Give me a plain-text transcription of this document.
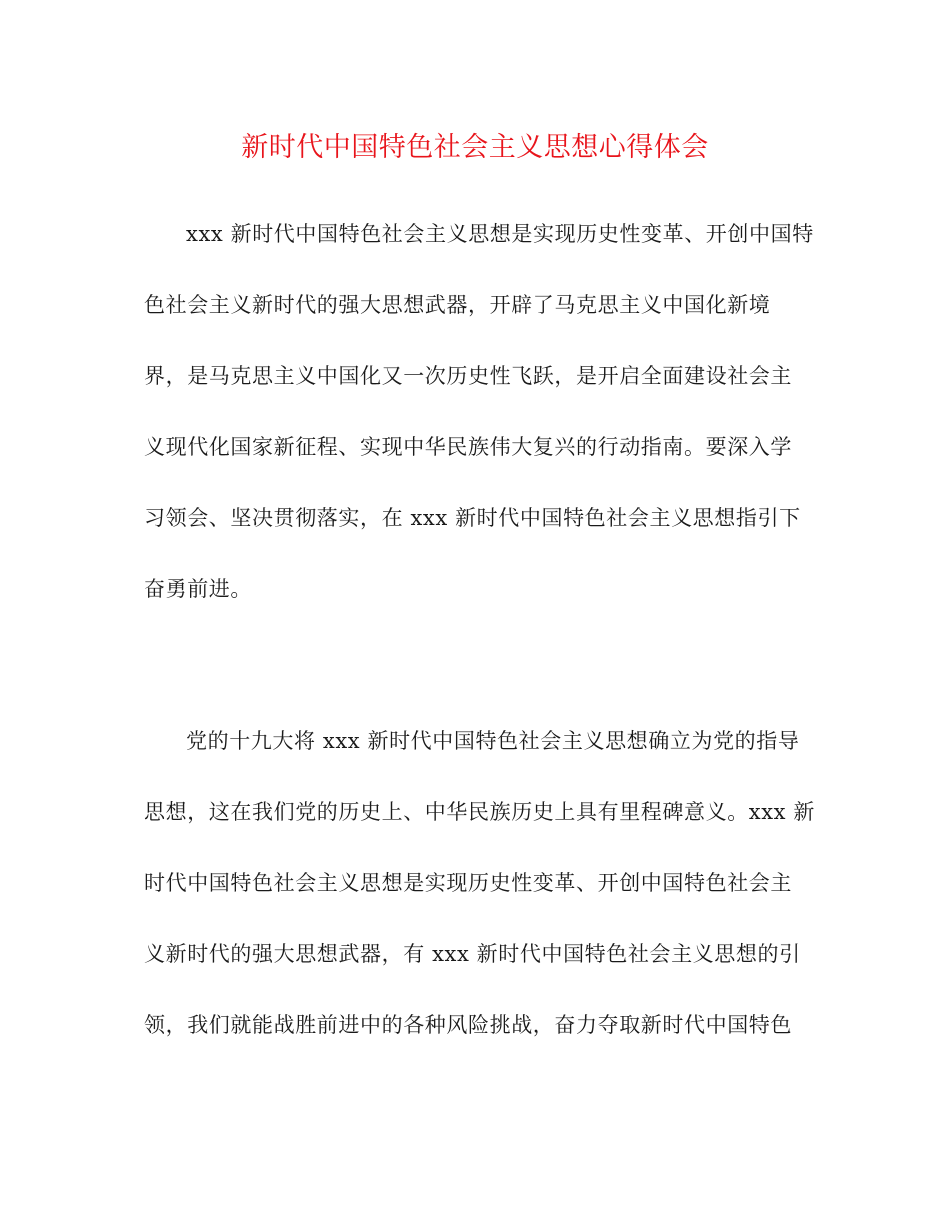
新时代中国特色社会主义思想心得体会
xxx 新时代中国特色社会主义思想是实现历史性变革、开创中国特
色社会主义新时代的强大思想武器，开辟了马克思主义中国化新境
界，是马克思主义中国化又一次历史性飞跃，是开启全面建设社会主
义现代化国家新征程、实现中华民族伟大复兴的行动指南。要深入学
习领会、坚决贯彻落实，在 xxx 新时代中国特色社会主义思想指引下
奋勇前进。
党的十九大将 xxx 新时代中国特色社会主义思想确立为党的指导
思想，这在我们党的历史上、中华民族历史上具有里程碑意义。xxx 新
时代中国特色社会主义思想是实现历史性变革、开创中国特色社会主
义新时代的强大思想武器，有 xxx 新时代中国特色社会主义思想的引
领，我们就能战胜前进中的各种风险挑战，奋力夺取新时代中国特色
